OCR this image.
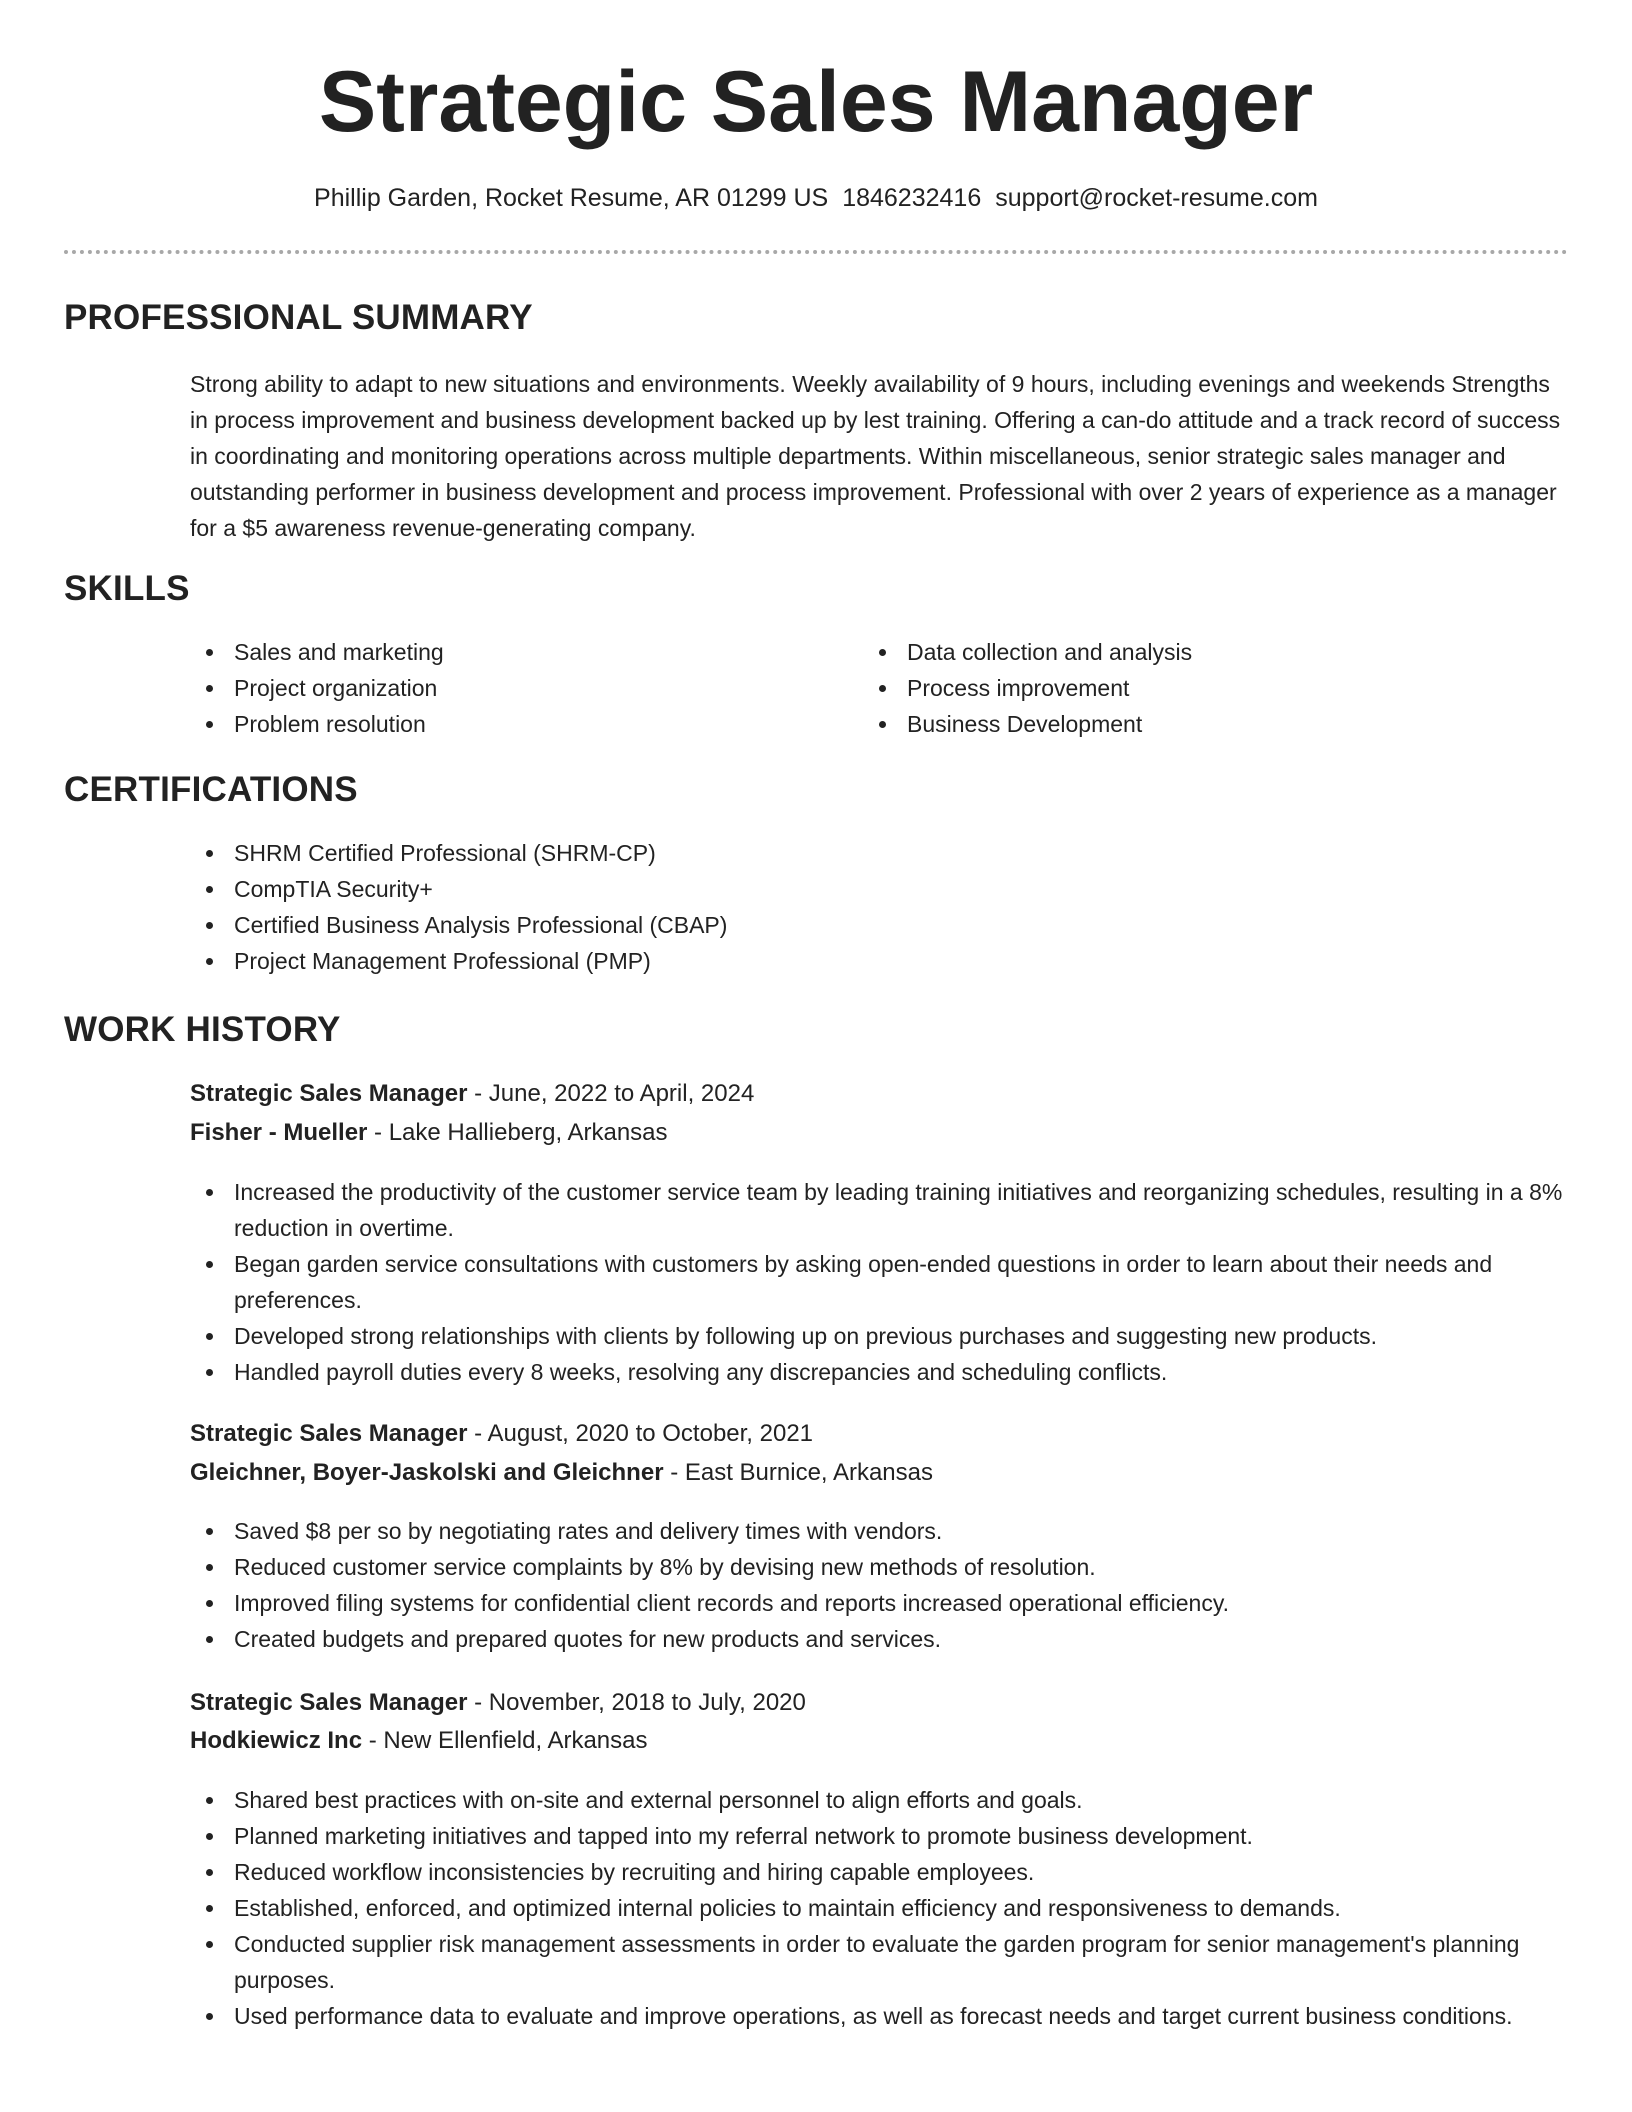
Strategic Sales Manager
Phillip Garden, Rocket Resume, AR 01299 US 1846232416 support@rocket-resume.com
PROFESSIONAL SUMMARY

Strong ability to adapt to new situations and environments. Weekly availability of 9 hours, including evenings and weekends Strengths in process improvement and business development backed up by lest training. Offering a can-do attitude and a track record of success in coordinating and monitoring operations across multiple departments. Within miscellaneous, senior strategic sales manager and outstanding performer in business development and process improvement. Professional with over 2 years of experience as a manager for a $5 awareness revenue-generating company.

SKILLS
Sales and marketing
Project organization
Problem resolution
Data collection and analysis
Process improvement
Business Development
CERTIFICATIONS
SHRM Certified Professional (SHRM-CP)
CompTIA Security+
Certified Business Analysis Professional (CBAP)
Project Management Professional (PMP)
WORK HISTORY
Strategic Sales Manager - June, 2022 to April, 2024
Fisher - Mueller - Lake Hallieberg, Arkansas
Increased the productivity of the customer service team by leading training initiatives and reorganizing schedules, resulting in a 8% reduction in overtime.
Began garden service consultations with customers by asking open-ended questions in order to learn about their needs and preferences.
Developed strong relationships with clients by following up on previous purchases and suggesting new products.
Handled payroll duties every 8 weeks, resolving any discrepancies and scheduling conflicts.
Strategic Sales Manager - August, 2020 to October, 2021
Gleichner, Boyer-Jaskolski and Gleichner - East Burnice, Arkansas
Saved $8 per so by negotiating rates and delivery times with vendors.
Reduced customer service complaints by 8% by devising new methods of resolution.
Improved filing systems for confidential client records and reports increased operational efficiency.
Created budgets and prepared quotes for new products and services.
Strategic Sales Manager - November, 2018 to July, 2020
Hodkiewicz Inc - New Ellenfield, Arkansas
Shared best practices with on-site and external personnel to align efforts and goals.
Planned marketing initiatives and tapped into my referral network to promote business development.
Reduced workflow inconsistencies by recruiting and hiring capable employees.
Established, enforced, and optimized internal policies to maintain efficiency and responsiveness to demands.
Conducted supplier risk management assessments in order to evaluate the garden program for senior management's planning purposes.
Used performance data to evaluate and improve operations, as well as forecast needs and target current business conditions.
